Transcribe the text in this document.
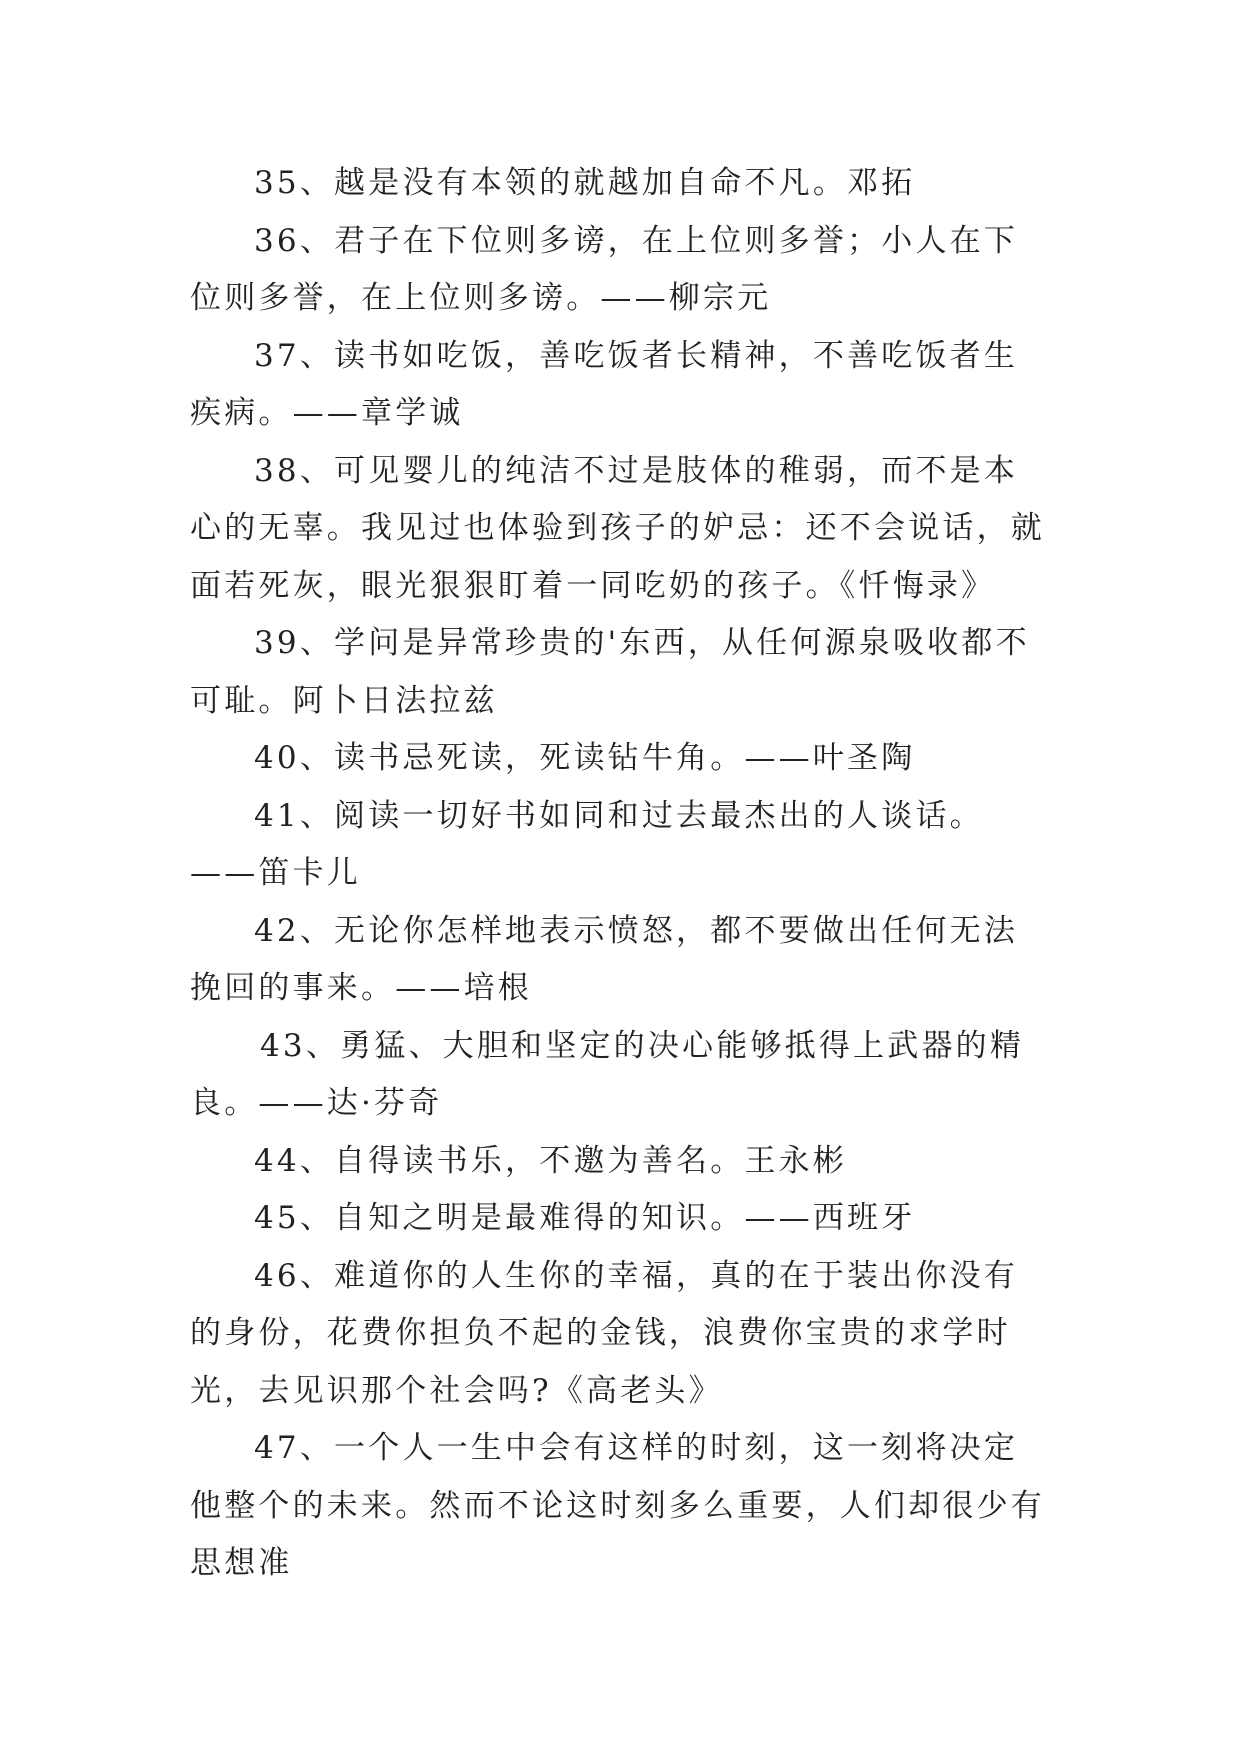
35、越是没有本领的就越加自命不凡。邓拓

36、君子在下位则多谤，在上位则多誉；小人在下位则多誉，在上位则多谤。——柳宗元

37、读书如吃饭，善吃饭者长精神，不善吃饭者生疾病。——章学诚

38、可见婴儿的纯洁不过是肢体的稚弱，而不是本心的无辜。我见过也体验到孩子的妒忌：还不会说话，就面若死灰，眼光狠狠盯着一同吃奶的孩子。《忏悔录》

39、学问是异常珍贵的'东西，从任何源泉吸收都不可耻。阿卜日法拉兹

40、读书忌死读，死读钻牛角。——叶圣陶

41、阅读一切好书如同和过去最杰出的人谈话。——笛卡儿

42、无论你怎样地表示愤怒，都不要做出任何无法挽回的事来。——培根

43、勇猛、大胆和坚定的决心能够抵得上武器的精良。——达·芬奇

44、自得读书乐，不邀为善名。王永彬

45、自知之明是最难得的知识。——西班牙

46、难道你的人生你的幸福，真的在于装出你没有的身份，花费你担负不起的金钱，浪费你宝贵的求学时光，去见识那个社会吗?《高老头》

47、一个人一生中会有这样的时刻，这一刻将决定他整个的未来。然而不论这时刻多么重要，人们却很少有思想准
